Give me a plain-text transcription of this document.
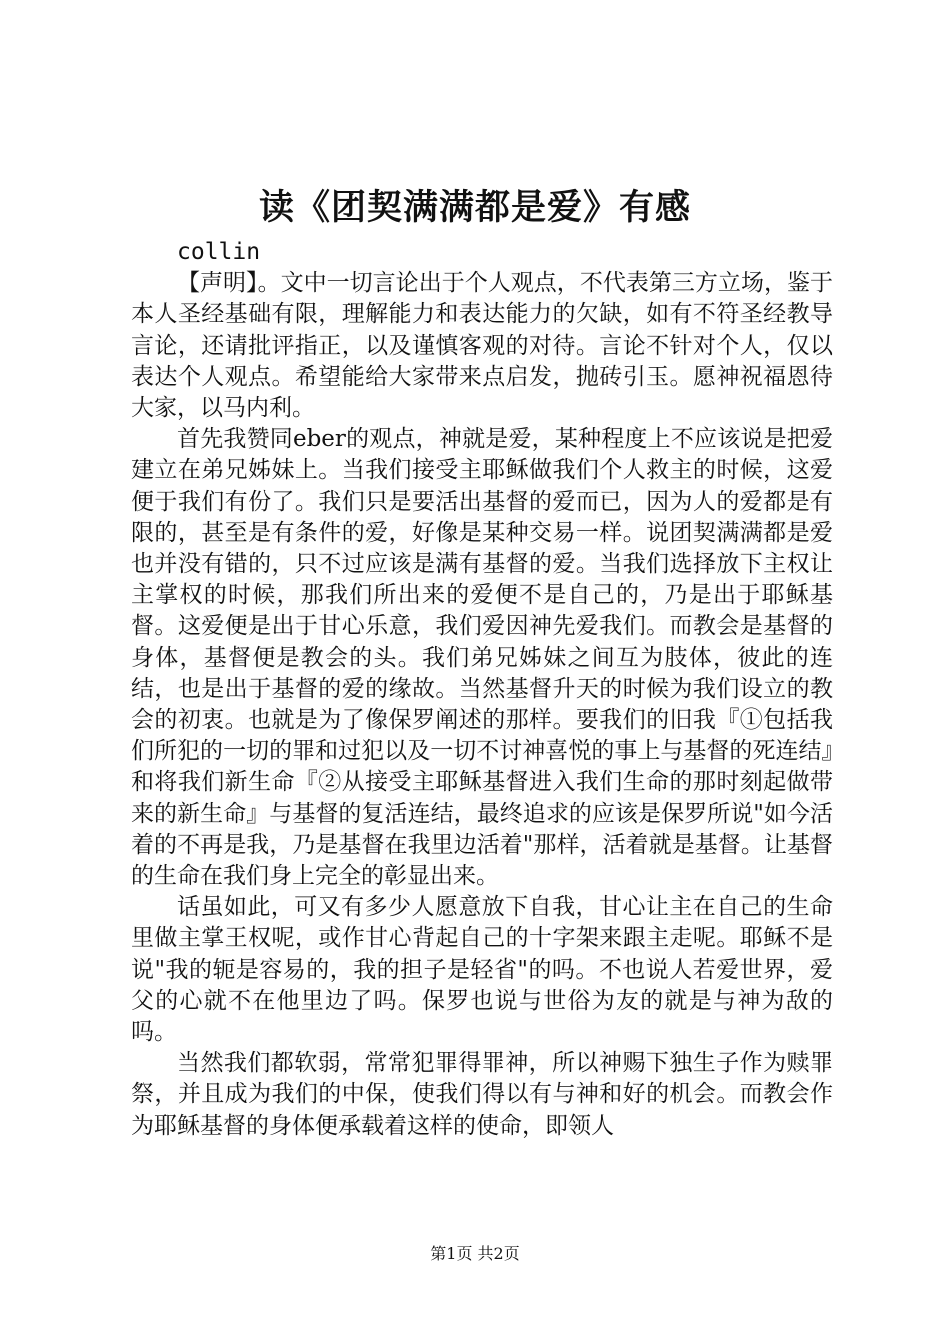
读《团契满满都是爱》有感
collin

【声明】。文中一切言论出于个人观点，不代表第三方立场，鉴于本人圣经基础有限，理解能力和表达能力的欠缺，如有不符圣经教导言论，还请批评指正，以及谨慎客观的对待。言论不针对个人，仅以表达个人观点。希望能给大家带来点启发，抛砖引玉。愿神祝福恩待大家，以马内利。

首先我赞同eber的观点，神就是爱，某种程度上不应该说是把爱建立在弟兄姊妹上。当我们接受主耶稣做我们个人救主的时候，这爱便于我们有份了。我们只是要活出基督的爱而已，因为人的爱都是有限的，甚至是有条件的爱，好像是某种交易一样。说团契满满都是爱也并没有错的，只不过应该是满有基督的爱。当我们选择放下主权让主掌权的时候，那我们所出来的爱便不是自己的，乃是出于耶稣基督。这爱便是出于甘心乐意，我们爱因神先爱我们。而教会是基督的身体，基督便是教会的头。我们弟兄姊妹之间互为肢体，彼此的连结，也是出于基督的爱的缘故。当然基督升天的时候为我们设立的教会的初衷。也就是为了像保罗阐述的那样。要我们的旧我『①包括我们所犯的一切的罪和过犯以及一切不讨神喜悦的事上与基督的死连结』和将我们新生命『②从接受主耶稣基督进入我们生命的那时刻起做带来的新生命』与基督的复活连结，最终追求的应该是保罗所说"如今活着的不再是我，乃是基督在我里边活着"那样，活着就是基督。让基督的生命在我们身上完全的彰显出来。

话虽如此，可又有多少人愿意放下自我，甘心让主在自己的生命里做主掌王权呢，或作甘心背起自己的十字架来跟主走呢。耶稣不是说"我的轭是容易的，我的担子是轻省"的吗。不也说人若爱世界，爱父的心就不在他里边了吗。保罗也说与世俗为友的就是与神为敌的吗。

当然我们都软弱，常常犯罪得罪神，所以神赐下独生子作为赎罪祭，并且成为我们的中保，使我们得以有与神和好的机会。而教会作为耶稣基督的身体便承载着这样的使命，即领人

第1页 共2页
